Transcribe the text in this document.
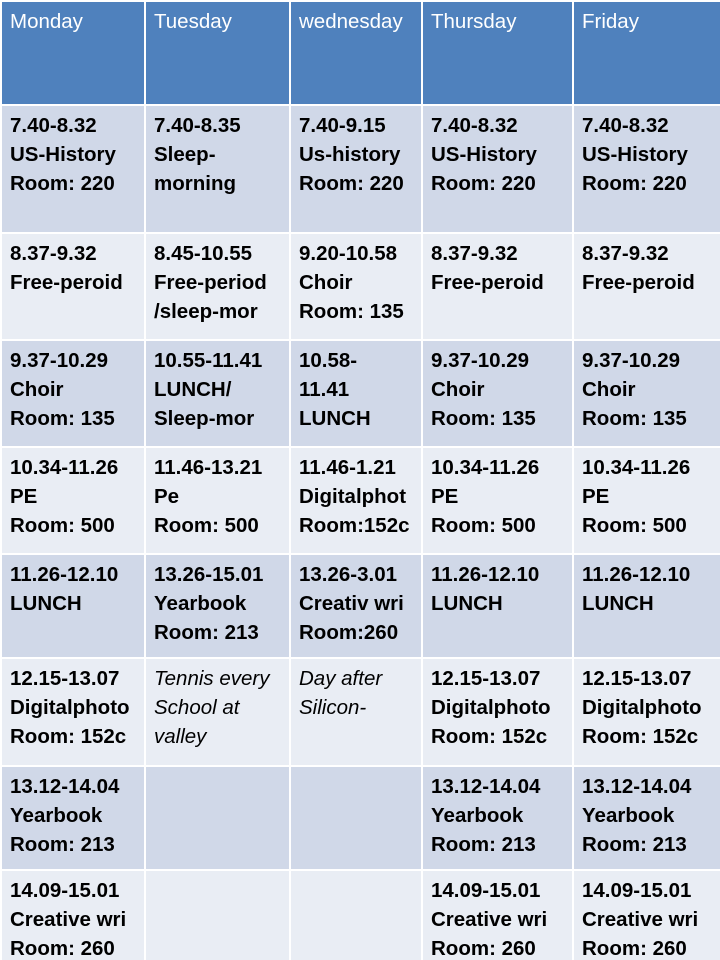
Monday	Tuesday	wednesday	Thursday	Friday

7.40-8.32
US-History
Room: 220	7.40-8.35
Sleep-
morning	7.40-9.15
Us-history
Room: 220	7.40-8.32
US-History
Room: 220	7.40-8.32
US-History
Room: 220

8.37-9.32
Free-peroid	8.45-10.55
Free-period
/sleep-mor	9.20-10.58
Choir
Room: 135	8.37-9.32
Free-peroid	8.37-9.32
Free-peroid

9.37-10.29
Choir
Room: 135	10.55-11.41
LUNCH/
Sleep-mor	10.58-
11.41
LUNCH	9.37-10.29
Choir
Room: 135	9.37-10.29
Choir
Room: 135

10.34-11.26
PE
Room: 500	11.46-13.21
Pe
Room: 500	11.46-1.21
Digitalphot
Room:152c	10.34-11.26
PE
Room: 500	10.34-11.26
PE
Room: 500

11.26-12.10
LUNCH	13.26-15.01
Yearbook
Room: 213	13.26-3.01
Creativ wri
Room:260	11.26-12.10
LUNCH	11.26-12.10
LUNCH

12.15-13.07
Digitalphoto
Room: 152c	Tennis every
School at
valley	Day after
Silicon-	12.15-13.07
Digitalphoto
Room: 152c	12.15-13.07
Digitalphoto
Room: 152c

13.12-14.04
Yearbook
Room: 213			13.12-14.04
Yearbook
Room: 213	13.12-14.04
Yearbook
Room: 213

14.09-15.01
Creative wri
Room: 260			14.09-15.01
Creative wri
Room: 260	14.09-15.01
Creative wri
Room: 260
